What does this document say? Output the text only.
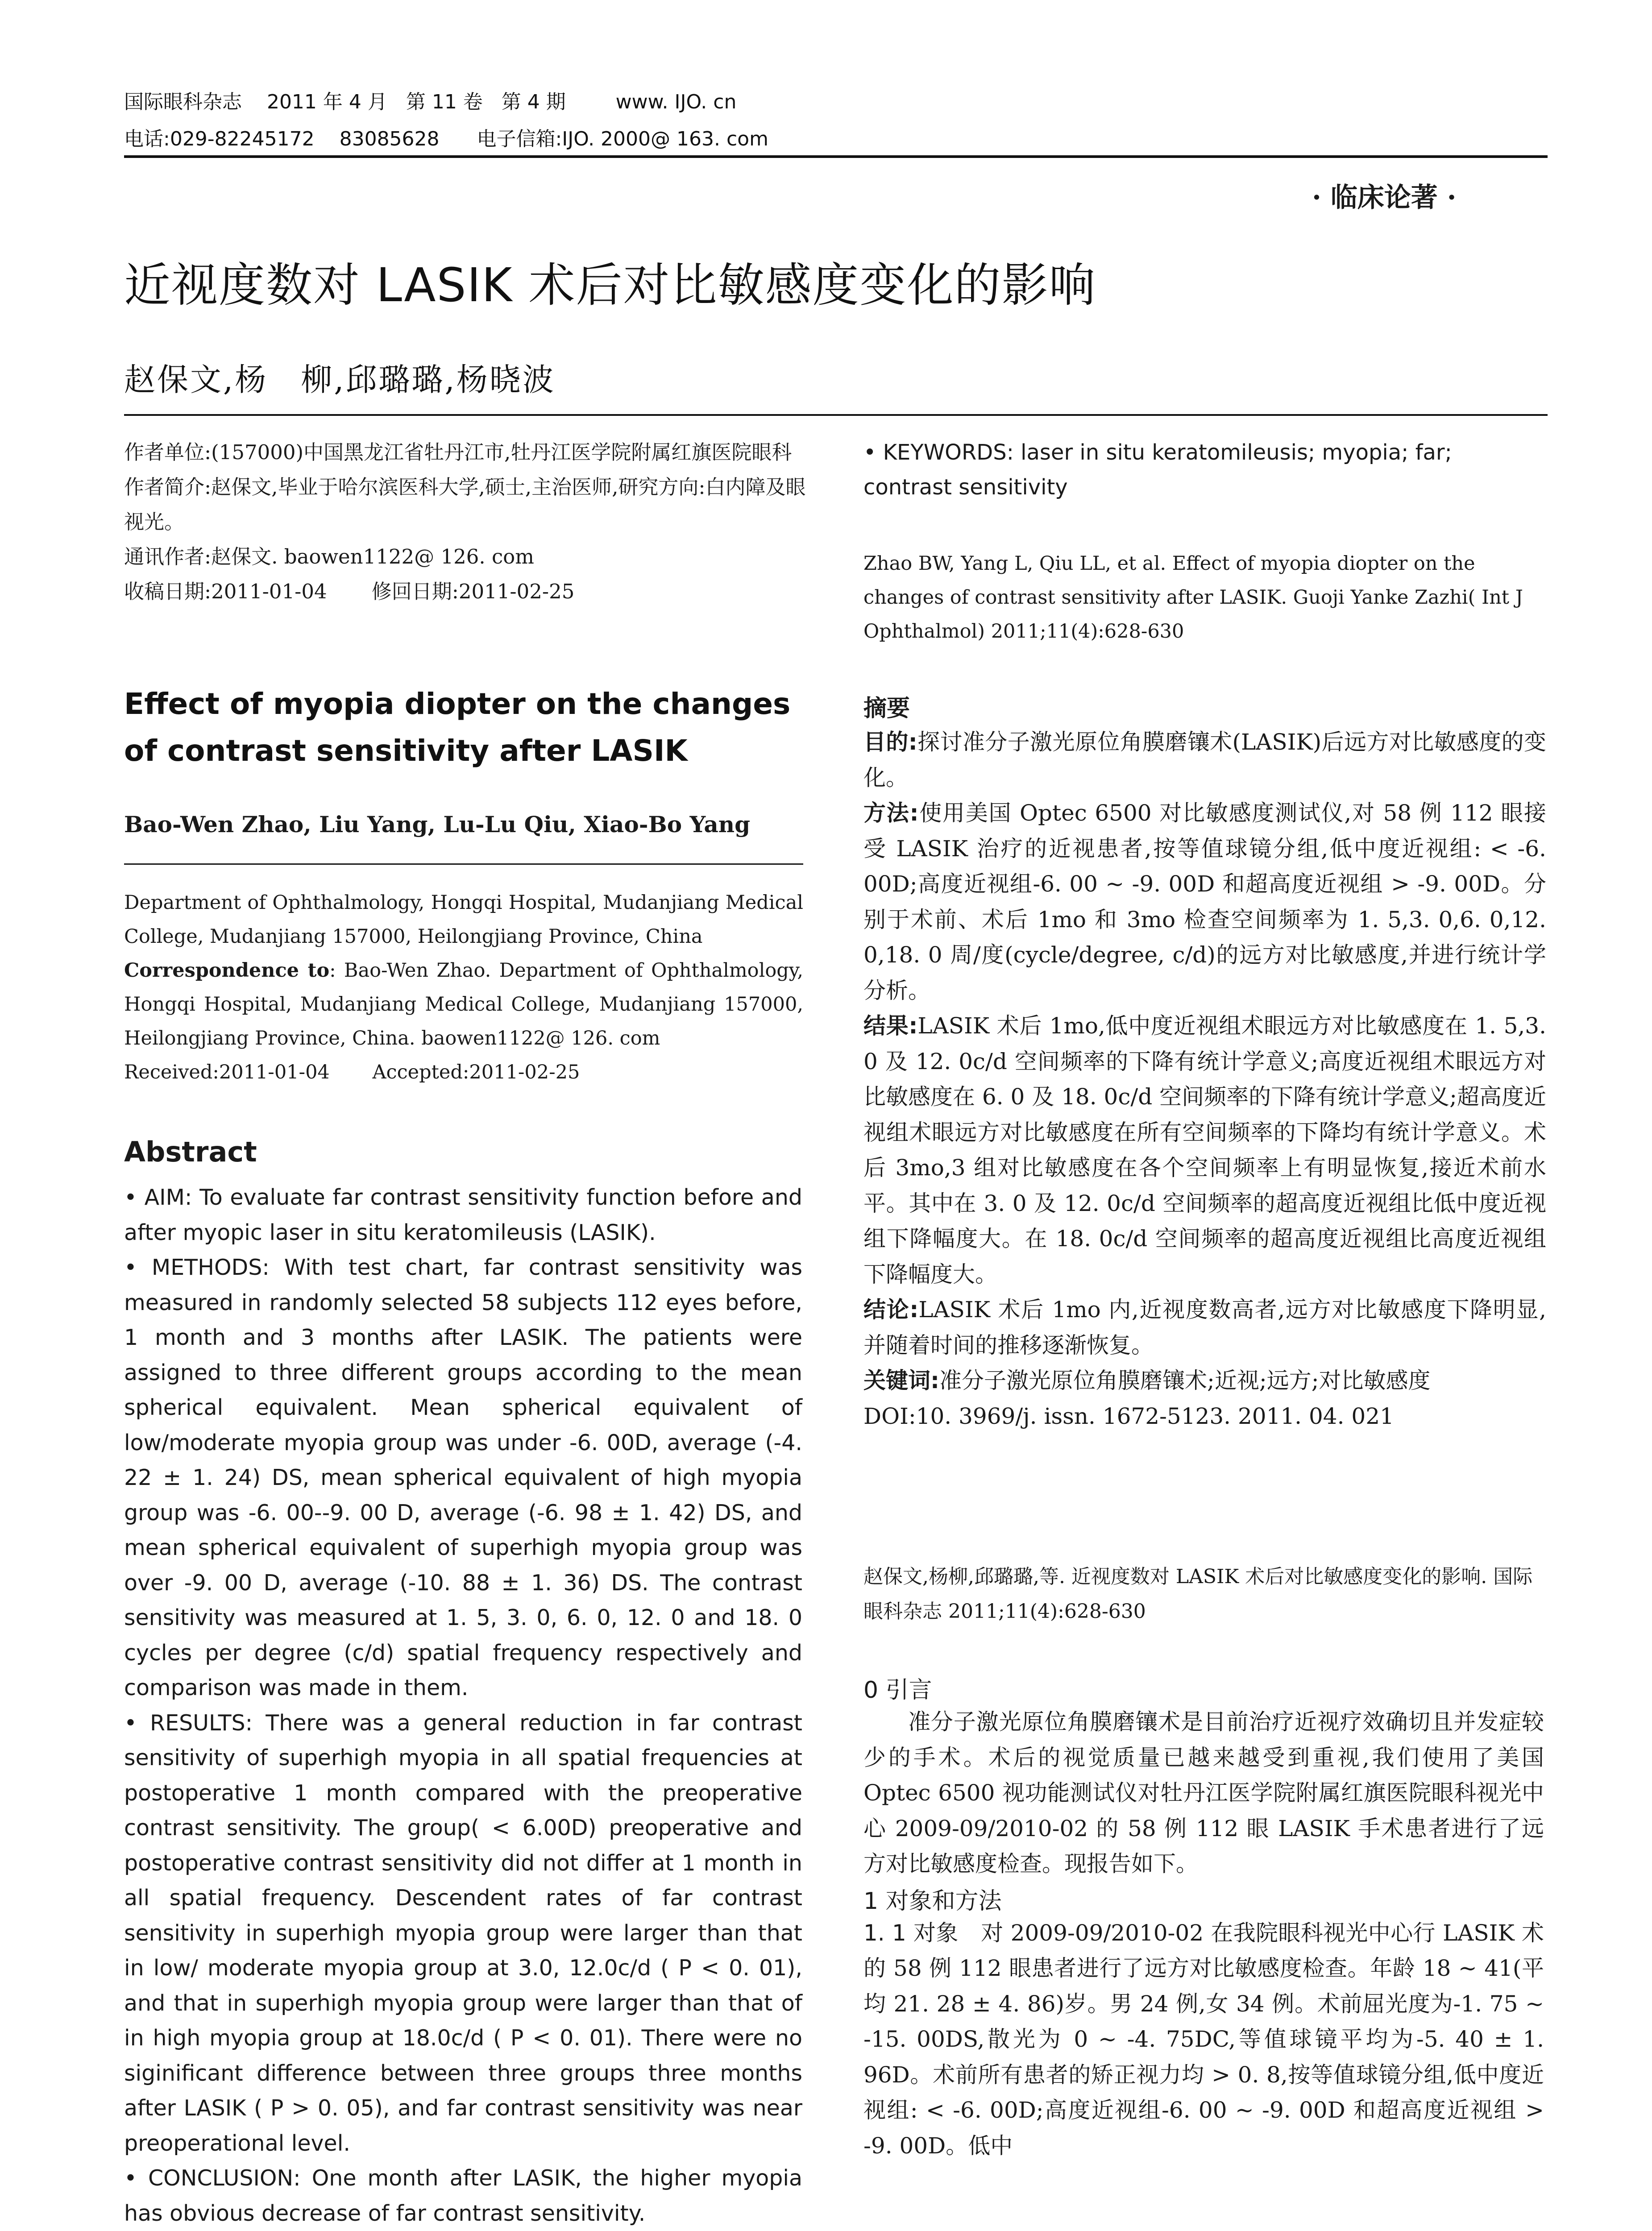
国际眼科杂志    2011 年 4 月   第 11 卷   第 4 期        www. IJO. cn
电话:029-82245172    83085628      电子信箱:IJO. 2000@ 163. com
· 临床论著 ·
近视度数对 LASIK 术后对比敏感度变化的影响
赵保文,杨　柳,邱璐璐,杨晓波

作者单位:(157000)中国黑龙江省牡丹江市,牡丹江医学院附属红旗医院眼科

作者简介:赵保文,毕业于哈尔滨医科大学,硕士,主治医师,研究方向:白内障及眼视光。

通讯作者:赵保文. baowen1122@ 126. com

收稿日期:2011-01-04       修回日期:2011-02-25

Effect of myopia diopter on the changes of contrast sensitivity after LASIK

Bao-Wen Zhao, Liu Yang, Lu-Lu Qiu, Xiao-Bo Yang

Department of Ophthalmology, Hongqi Hospital, Mudanjiang Medical College, Mudanjiang 157000, Heilongjiang Province, China

Correspondence to: Bao-Wen Zhao. Department of Ophthalmology, Hongqi Hospital, Mudanjiang Medical College, Mudanjiang 157000, Heilongjiang Province, China. baowen1122@ 126. com

Received:2011-01-04       Accepted:2011-02-25

Abstract

• AIM: To evaluate far contrast sensitivity function before and after myopic laser in situ keratomileusis (LASIK).

• METHODS: With test chart, far contrast sensitivity was measured in randomly selected 58 subjects 112 eyes before, 1 month and 3 months after LASIK. The patients were assigned to three different groups according to the mean spherical equivalent. Mean spherical equivalent of low/moderate myopia group was under -6. 00D, average (-4. 22 ± 1. 24) DS, mean spherical equivalent of high myopia group was -6. 00--9. 00 D, average (-6. 98 ± 1. 42) DS, and mean spherical equivalent of superhigh myopia group was over -9. 00 D, average (-10. 88 ± 1. 36) DS. The contrast sensitivity was measured at 1. 5, 3. 0, 6. 0, 12. 0 and 18. 0 cycles per degree (c/d) spatial frequency respectively and comparison was made in them.

• RESULTS: There was a general reduction in far contrast sensitivity of superhigh myopia in all spatial frequencies at postoperative 1 month compared with the preoperative contrast sensitivity. The group( < 6.00D) preoperative and postoperative contrast sensitivity did not differ at 1 month in all spatial frequency. Descendent rates of far contrast sensitivity in superhigh myopia group were larger than that in low/ moderate myopia group at 3.0, 12.0c/d ( P < 0. 01), and that in superhigh myopia group were larger than that of in high myopia group at 18.0c/d ( P < 0. 01). There were no siginificant difference between three groups three months after LASIK ( P > 0. 05), and far contrast sensitivity was near preoperational level.

• CONCLUSION: One month after LASIK, the higher myopia has obvious decrease of far contrast sensitivity.

• KEYWORDS: laser in situ keratomileusis; myopia; far; contrast sensitivity

Zhao BW, Yang L, Qiu LL, et al. Effect of myopia diopter on the changes of contrast sensitivity after LASIK. Guoji Yanke Zazhi( Int J Ophthalmol) 2011;11(4):628-630

摘要

目的:探讨准分子激光原位角膜磨镶术(LASIK)后远方对比敏感度的变化。

方法:使用美国 Optec 6500 对比敏感度测试仪,对 58 例 112 眼接受 LASIK 治疗的近视患者,按等值球镜分组,低中度近视组: < -6. 00D;高度近视组-6. 00 ~ -9. 00D 和超高度近视组 > -9. 00D。分别于术前、术后 1mo 和 3mo 检查空间频率为 1. 5,3. 0,6. 0,12. 0,18. 0 周/度(cycle/degree, c/d)的远方对比敏感度,并进行统计学分析。

结果:LASIK 术后 1mo,低中度近视组术眼远方对比敏感度在 1. 5,3. 0 及 12. 0c/d 空间频率的下降有统计学意义;高度近视组术眼远方对比敏感度在 6. 0 及 18. 0c/d 空间频率的下降有统计学意义;超高度近视组术眼远方对比敏感度在所有空间频率的下降均有统计学意义。术后 3mo,3 组对比敏感度在各个空间频率上有明显恢复,接近术前水平。其中在 3. 0 及 12. 0c/d 空间频率的超高度近视组比低中度近视组下降幅度大。在 18. 0c/d 空间频率的超高度近视组比高度近视组下降幅度大。

结论:LASIK 术后 1mo 内,近视度数高者,远方对比敏感度下降明显,并随着时间的推移逐渐恢复。

关键词:准分子激光原位角膜磨镶术;近视;远方;对比敏感度

DOI:10. 3969/j. issn. 1672-5123. 2011. 04. 021

赵保文,杨柳,邱璐璐,等. 近视度数对 LASIK 术后对比敏感度变化的影响. 国际眼科杂志 2011;11(4):628-630

0 引言

准分子激光原位角膜磨镶术是目前治疗近视疗效确切且并发症较少的手术。术后的视觉质量已越来越受到重视,我们使用了美国 Optec 6500 视功能测试仪对牡丹江医学院附属红旗医院眼科视光中心 2009-09/2010-02 的 58 例 112 眼 LASIK 手术患者进行了远方对比敏感度检查。现报告如下。

1 对象和方法

1. 1 对象　 对 2009-09/2010-02 在我院眼科视光中心行 LASIK 术的 58 例 112 眼患者进行了远方对比敏感度检查。年龄 18 ~ 41(平均 21. 28 ± 4. 86)岁。男 24 例,女 34 例。术前屈光度为-1. 75 ~ -15. 00DS,散光为 0 ~ -4. 75DC,等值球镜平均为-5. 40 ± 1. 96D。术前所有患者的矫正视力均 > 0. 8,按等值球镜分组,低中度近视组: < -6. 00D;高度近视组-6. 00 ~ -9. 00D 和超高度近视组 > -9. 00D。低中
